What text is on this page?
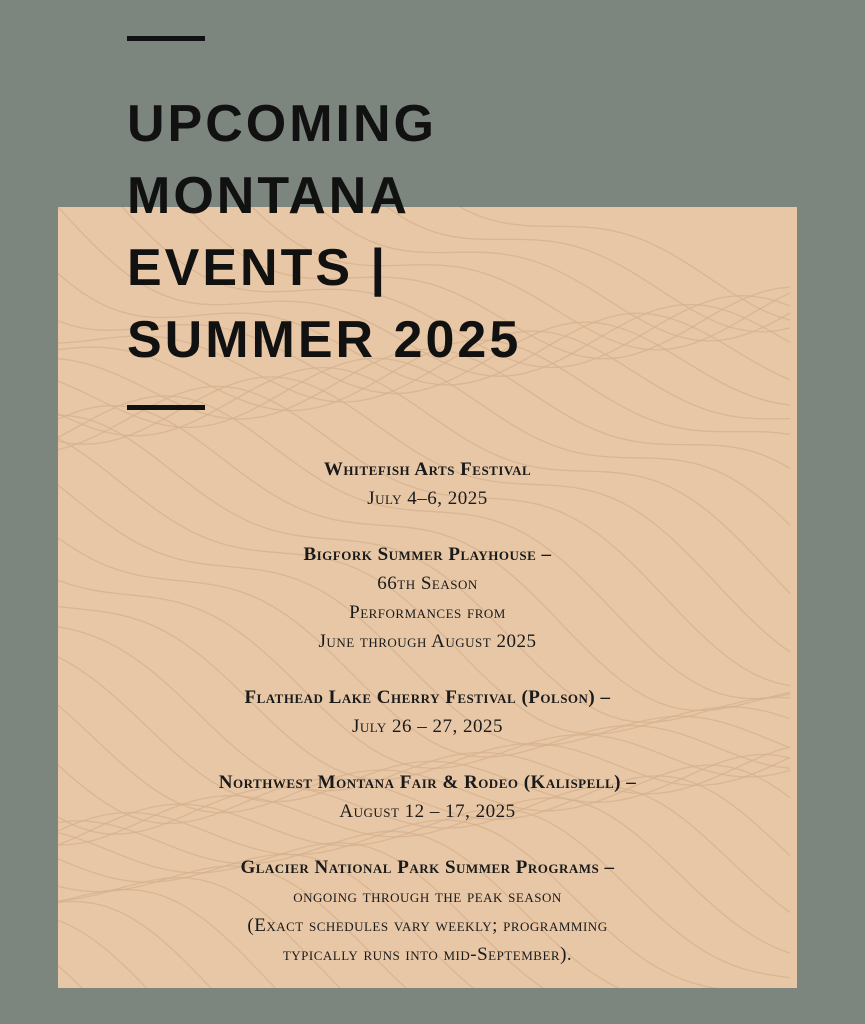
UPCOMING
MONTANA
EVENTS |
SUMMER 2025
Whitefish Arts Festival
July 4–6, 2025
Bigfork Summer Playhouse –
66th Season
Performances from
June through August 2025
Flathead Lake Cherry Festival (Polson) –
July 26 – 27, 2025
Northwest Montana Fair & Rodeo (Kalispell) –
August 12 – 17, 2025
Glacier National Park Summer Programs –
ongoing through the peak season
(Exact schedules vary weekly; programming
typically runs into mid-September).
